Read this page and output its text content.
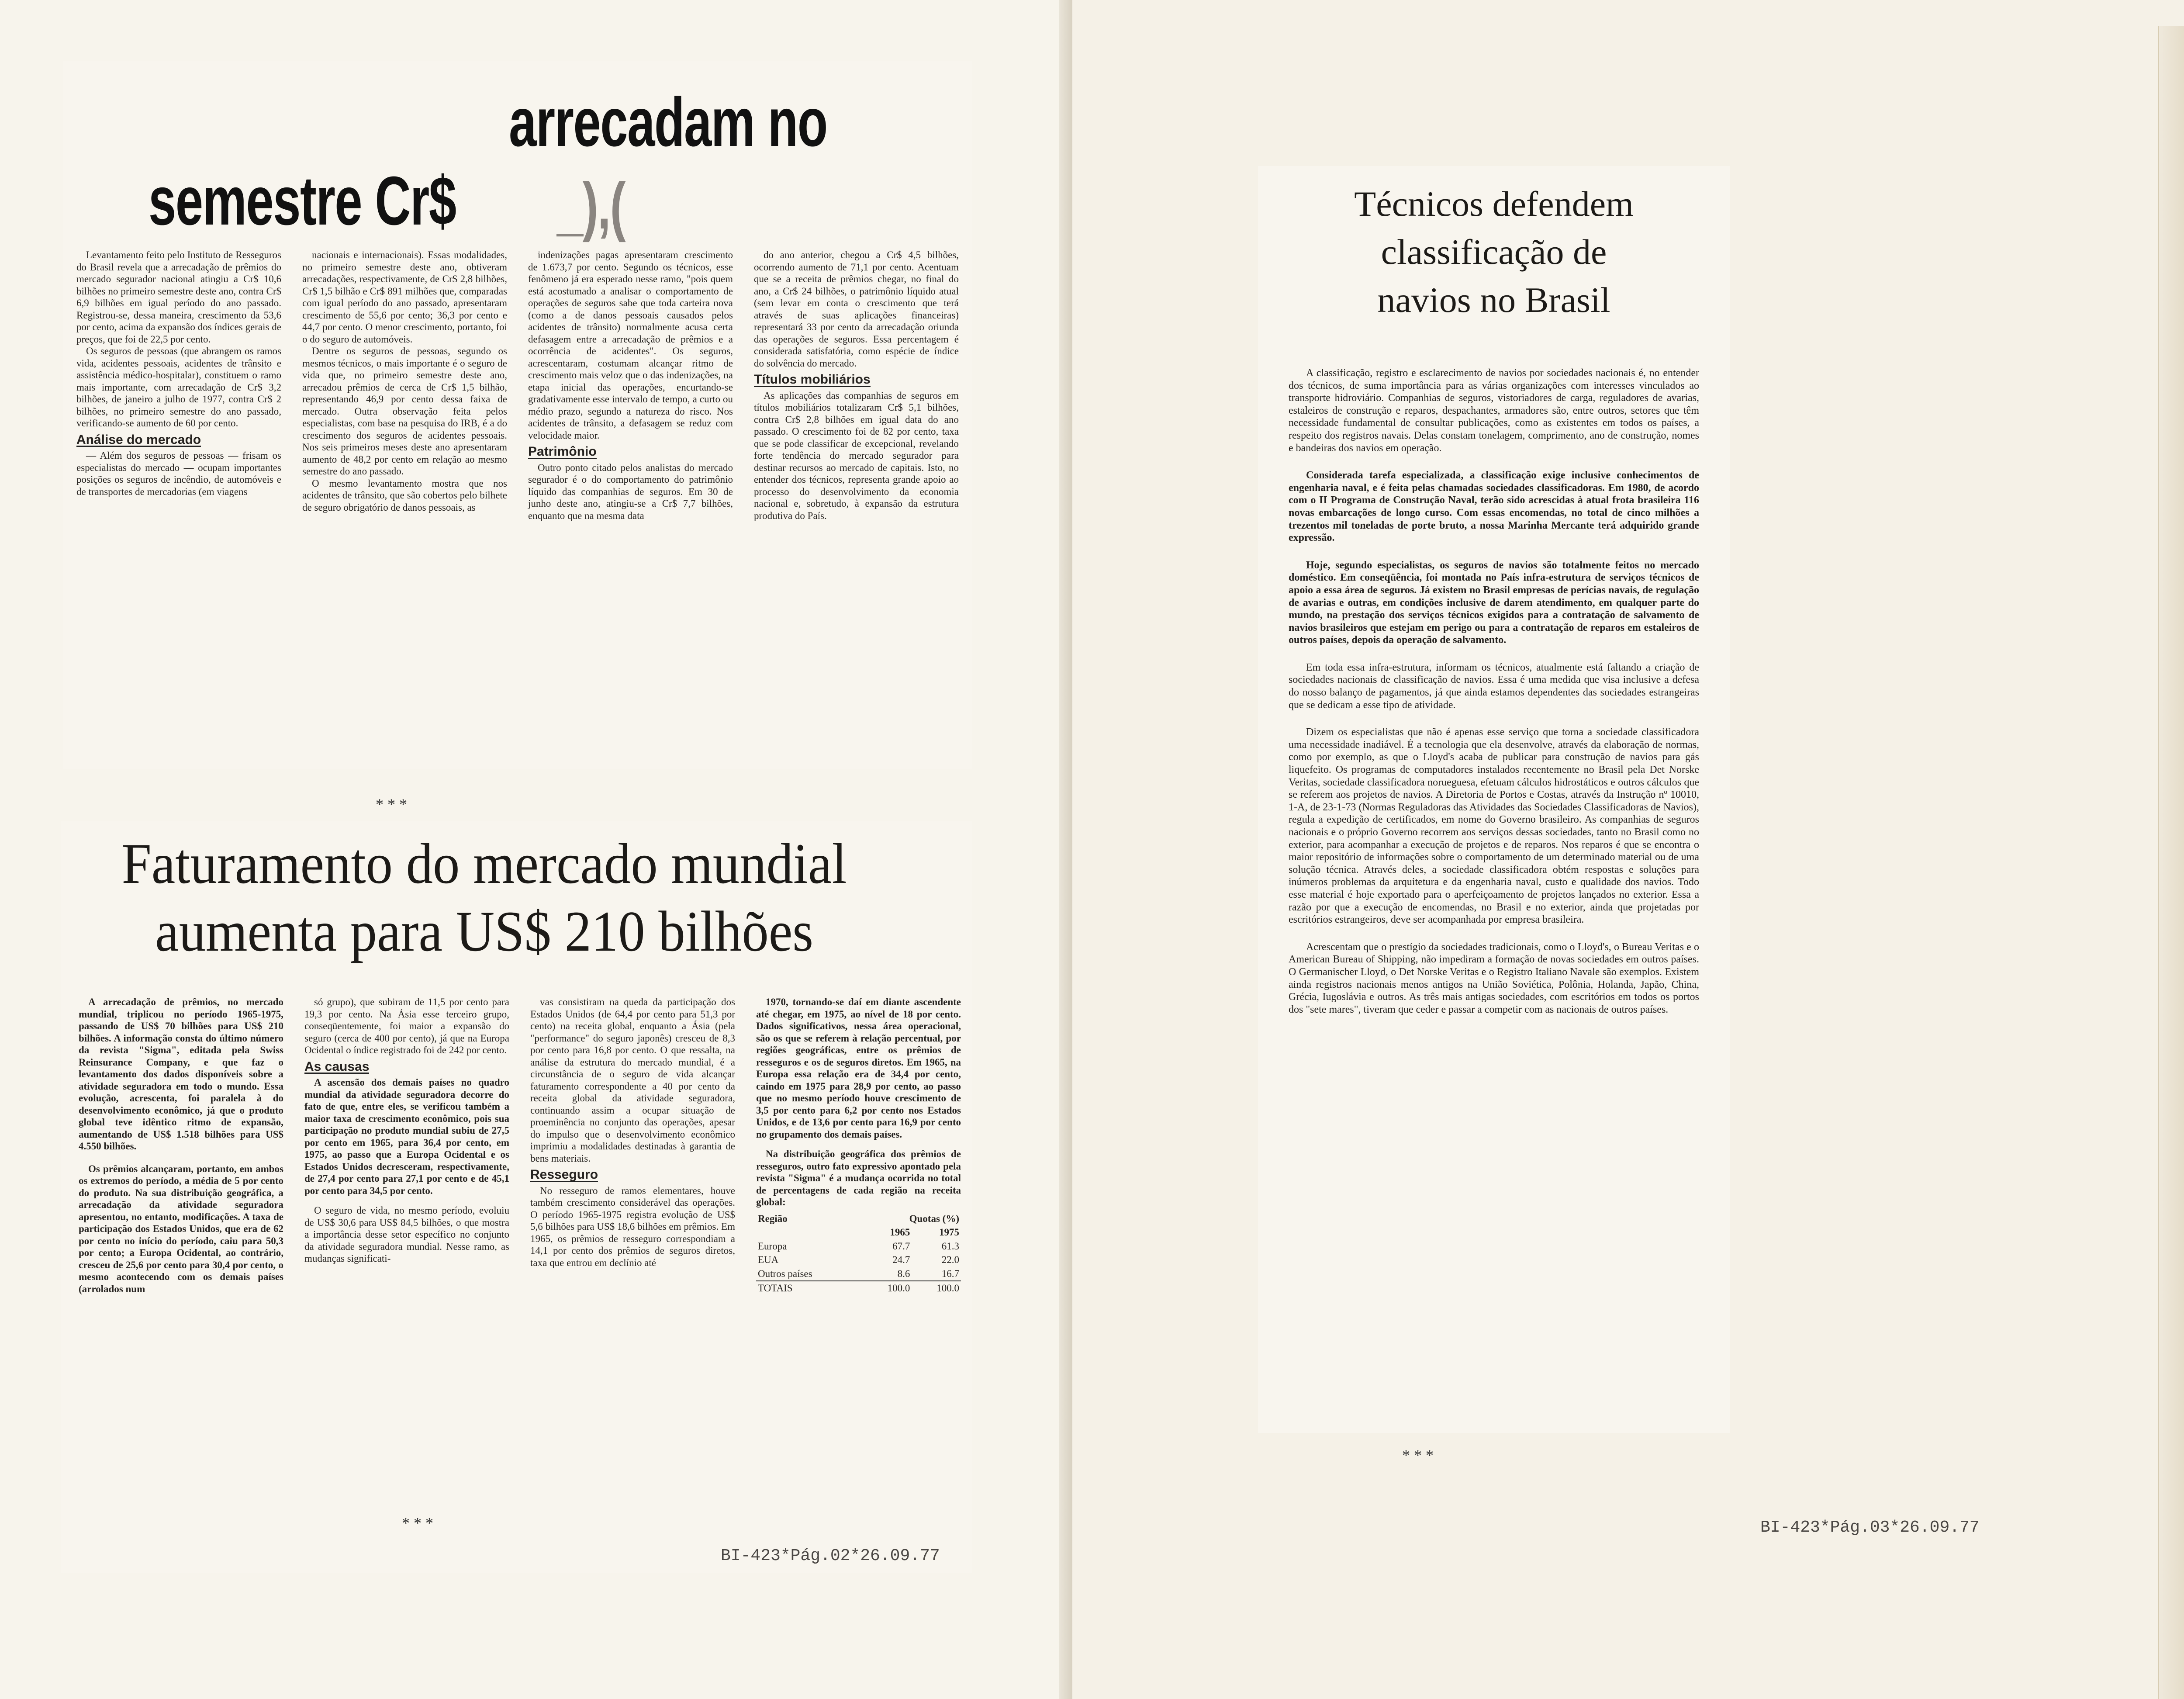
arrecadam no
semestre Cr$ _),(

Levantamento feito pelo Instituto de Resseguros do Brasil revela que a arrecadação de prêmios do mercado segurador nacional atingiu a Cr$ 10,6 bilhões no primeiro semestre deste ano, contra Cr$ 6,9 bilhões em igual período do ano passado. Registrou-se, dessa maneira, crescimento da 53,6 por cento, acima da expansão dos índices gerais de preços, que foi de 22,5 por cento.

Os seguros de pessoas (que abrangem os ramos vida, acidentes pessoais, acidentes de trânsito e assistência médico-hospitalar), constituem o ramo mais importante, com arrecadação de Cr$ 3,2 bilhões, de janeiro a julho de 1977, contra Cr$ 2 bilhões, no primeiro semestre do ano passado, verificando-se aumento de 60 por cento.

Análise do mercado

— Além dos seguros de pessoas — frisam os especialistas do mercado — ocupam importantes posições os seguros de incêndio, de automóveis e de transportes de mercadorias (em viagens

nacionais e internacionais). Essas modalidades, no primeiro semestre deste ano, obtiveram arrecadações, respectivamente, de Cr$ 2,8 bilhões, Cr$ 1,5 bilhão e Cr$ 891 milhões que, comparadas com igual período do ano passado, apresentaram crescimento de 55,6 por cento; 36,3 por cento e 44,7 por cento. O menor crescimento, portanto, foi o do seguro de automóveis.

Dentre os seguros de pessoas, segundo os mesmos técnicos, o mais importante é o seguro de vida que, no primeiro semestre deste ano, arrecadou prêmios de cerca de Cr$ 1,5 bilhão, representando 46,9 por cento dessa faixa de mercado. Outra observação feita pelos especialistas, com base na pesquisa do IRB, é a do crescimento dos seguros de acidentes pessoais. Nos seis primeiros meses deste ano apresentaram aumento de 48,2 por cento em relação ao mesmo semestre do ano passado.

O mesmo levantamento mostra que nos acidentes de trânsito, que são cobertos pelo bilhete de seguro obrigatório de danos pessoais, as

indenizações pagas apresentaram crescimento de 1.673,7 por cento. Segundo os técnicos, esse fenômeno já era esperado nesse ramo, "pois quem está acostumado a analisar o comportamento de operações de seguros sabe que toda carteira nova (como a de danos pessoais causados pelos acidentes de trânsito) normalmente acusa certa defasagem entre a arrecadação de prêmios e a ocorrência de acidentes". Os seguros, acrescentaram, costumam alcançar ritmo de crescimento mais veloz que o das indenizações, na etapa inicial das operações, encurtando-se gradativamente esse intervalo de tempo, a curto ou médio prazo, segundo a natureza do risco. Nos acidentes de trânsito, a defasagem se reduz com velocidade maior.

Patrimônio

Outro ponto citado pelos analistas do mercado segurador é o do comportamento do patrimônio líquido das companhias de seguros. Em 30 de junho deste ano, atingiu-se a Cr$ 7,7 bilhões, enquanto que na mesma data

do ano anterior, chegou a Cr$ 4,5 bilhões, ocorrendo aumento de 71,1 por cento. Acentuam que se a receita de prêmios chegar, no final do ano, a Cr$ 24 bilhões, o patrimônio líquido atual (sem levar em conta o crescimento que terá através de suas aplicações financeiras) representará 33 por cento da arrecadação oriunda das operações de seguros. Essa percentagem é considerada satisfatória, como espécie de índice do solvência do mercado.

Títulos mobiliários

As aplicações das companhias de seguros em títulos mobiliários totalizaram Cr$ 5,1 bilhões, contra Cr$ 2,8 bilhões em igual data do ano passado. O crescimento foi de 82 por cento, taxa que se pode classificar de excepcional, revelando forte tendência do mercado segurador para destinar recursos ao mercado de capitais. Isto, no entender dos técnicos, representa grande apoio ao processo do desenvolvimento da economia nacional e, sobretudo, à expansão da estrutura produtiva do País.

* * *
Faturamento do mercado mundial
aumenta para US$ 210 bilhões

A arrecadação de prêmios, no mercado mundial, triplicou no período 1965-1975, passando de US$ 70 bilhões para US$ 210 bilhões. A informação consta do último número da revista "Sigma", editada pela Swiss Reinsurance Company, e que faz o levantamento dos dados disponíveis sobre a atividade seguradora em todo o mundo. Essa evolução, acrescenta, foi paralela à do desenvolvimento econômico, já que o produto global teve idêntico ritmo de expansão, aumentando de US$ 1.518 bilhões para US$ 4.550 bilhões.

Os prêmios alcançaram, portanto, em ambos os extremos do período, a média de 5 por cento do produto. Na sua distribuição geográfica, a arrecadação da atividade seguradora apresentou, no entanto, modificações. A taxa de participação dos Estados Unidos, que era de 62 por cento no início do período, caiu para 50,3 por cento; a Europa Ocidental, ao contrário, cresceu de 25,6 por cento para 30,4 por cento, o mesmo acontecendo com os demais países (arrolados num

só grupo), que subiram de 11,5 por cento para 19,3 por cento. Na Ásia esse terceiro grupo, conseqüentemente, foi maior a expansão do seguro (cerca de 400 por cento), já que na Europa Ocidental o índice registrado foi de 242 por cento.

As causas

A ascensão dos demais países no quadro mundial da atividade seguradora decorre do fato de que, entre eles, se verificou também a maior taxa de crescimento econômico, pois sua participação no produto mundial subiu de 27,5 por cento em 1965, para 36,4 por cento, em 1975, ao passo que a Europa Ocidental e os Estados Unidos decresceram, respectivamente, de 27,4 por cento para 27,1 por cento e de 45,1 por cento para 34,5 por cento.

O seguro de vida, no mesmo período, evoluiu de US$ 30,6 para US$ 84,5 bilhões, o que mostra a importância desse setor específico no conjunto da atividade seguradora mundial. Nesse ramo, as mudanças significati-

vas consistiram na queda da participação dos Estados Unidos (de 64,4 por cento para 51,3 por cento) na receita global, enquanto a Ásia (pela "performance" do seguro japonês) cresceu de 8,3 por cento para 16,8 por cento. O que ressalta, na análise da estrutura do mercado mundial, é a circunstância de o seguro de vida alcançar faturamento correspondente a 40 por cento da receita global da atividade seguradora, continuando assim a ocupar situação de proeminência no conjunto das operações, apesar do impulso que o desenvolvimento econômico imprimiu a modalidades destinadas à garantia de bens materiais.

Resseguro

No resseguro de ramos elementares, houve também crescimento considerável das operações. O período 1965-1975 registra evolução de US$ 5,6 bilhões para US$ 18,6 bilhões em prêmios. Em 1965, os prêmios de resseguro correspondiam a 14,1 por cento dos prêmios de seguros diretos, taxa que entrou em declínio até

1970, tornando-se daí em diante ascendente até chegar, em 1975, ao nível de 18 por cento. Dados significativos, nessa área operacional, são os que se referem à relação percentual, por regiões geográficas, entre os prêmios de resseguros e os de seguros diretos. Em 1965, na Europa essa relação era de 34,4 por cento, caindo em 1975 para 28,9 por cento, ao passo que no mesmo período houve crescimento de 3,5 por cento para 6,2 por cento nos Estados Unidos, e de 13,6 por cento para 16,9 por cento no grupamento dos demais países.

Na distribuição geográfica dos prêmios de resseguros, outro fato expressivo apontado pela revista "Sigma" é a mudança ocorrida no total de percentagens de cada região na receita global:

Região	Quotas (%)	
	1965	1975
Europa	67.7	61.3
EUA	24.7	22.0
Outros países	8.6	16.7
TOTAIS	100.0	100.0
* * *
BI-423*Pág.02*26.09.77
Técnicos defendem
classificação de
navios no Brasil

A classificação, registro e esclarecimento de navios por sociedades nacionais é, no entender dos técnicos, de suma importância para as várias organizações com interesses vinculados ao transporte hidroviário. Companhias de seguros, vistoriadores de carga, reguladores de avarias, estaleiros de construção e reparos, despachantes, armadores são, entre outros, setores que têm necessidade fundamental de consultar publicações, como as existentes em todos os países, a respeito dos registros navais. Delas constam tonelagem, comprimento, ano de construção, nomes e bandeiras dos navios em operação.

Considerada tarefa especializada, a classificação exige inclusive conhecimentos de engenharia naval, e é feita pelas chamadas sociedades classificadoras. Em 1980, de acordo com o II Programa de Construção Naval, terão sido acrescidas à atual frota brasileira 116 novas embarcações de longo curso. Com essas encomendas, no total de cinco milhões a trezentos mil toneladas de porte bruto, a nossa Marinha Mercante terá adquirido grande expressão.

Hoje, segundo especialistas, os seguros de navios são totalmente feitos no mercado doméstico. Em conseqüência, foi montada no País infra-estrutura de serviços técnicos de apoio a essa área de seguros. Já existem no Brasil empresas de perícias navais, de regulação de avarias e outras, em condições inclusive de darem atendimento, em qualquer parte do mundo, na prestação dos serviços técnicos exigidos para a contratação de salvamento de navios brasileiros que estejam em perigo ou para a contratação de reparos em estaleiros de outros países, depois da operação de salvamento.

Em toda essa infra-estrutura, informam os técnicos, atualmente está faltando a criação de sociedades nacionais de classificação de navios. Essa é uma medida que visa inclusive a defesa do nosso balanço de pagamentos, já que ainda estamos dependentes das sociedades estrangeiras que se dedicam a esse tipo de atividade.

Dizem os especialistas que não é apenas esse serviço que torna a sociedade classificadora uma necessidade inadiável. É a tecnologia que ela desenvolve, através da elaboração de normas, como por exemplo, as que o Lloyd's acaba de publicar para construção de navios para gás liquefeito. Os programas de computadores instalados recentemente no Brasil pela Det Norske Veritas, sociedade classificadora norueguesa, efetuam cálculos hidrostáticos e outros cálculos que se referem aos projetos de navios. A Diretoria de Portos e Costas, através da Instrução nº 10010, 1-A, de 23-1-73 (Normas Reguladoras das Atividades das Sociedades Classificadoras de Navios), regula a expedição de certificados, em nome do Governo brasileiro. As companhias de seguros nacionais e o próprio Governo recorrem aos serviços dessas sociedades, tanto no Brasil como no exterior, para acompanhar a execução de projetos e de reparos. Nos reparos é que se encontra o maior repositório de informações sobre o comportamento de um determinado material ou de uma solução técnica. Através deles, a sociedade classificadora obtém respostas e soluções para inúmeros problemas da arquitetura e da engenharia naval, custo e qualidade dos navios. Todo esse material é hoje exportado para o aperfeiçoamento de projetos lançados no exterior. Essa a razão por que a execução de encomendas, no Brasil e no exterior, ainda que projetadas por escritórios estrangeiros, deve ser acompanhada por empresa brasileira.

Acrescentam que o prestígio da sociedades tradicionais, como o Lloyd's, o Bureau Veritas e o American Bureau of Shipping, não impediram a formação de novas sociedades em outros países. O Germanischer Lloyd, o Det Norske Veritas e o Registro Italiano Navale são exemplos. Existem ainda registros nacionais menos antigos na União Soviética, Polônia, Holanda, Japão, China, Grécia, Iugoslávia e outros. As três mais antigas sociedades, com escritórios em todos os portos dos "sete mares", tiveram que ceder e passar a competir com as nacionais de outros países.

* * *
BI-423*Pág.03*26.09.77
